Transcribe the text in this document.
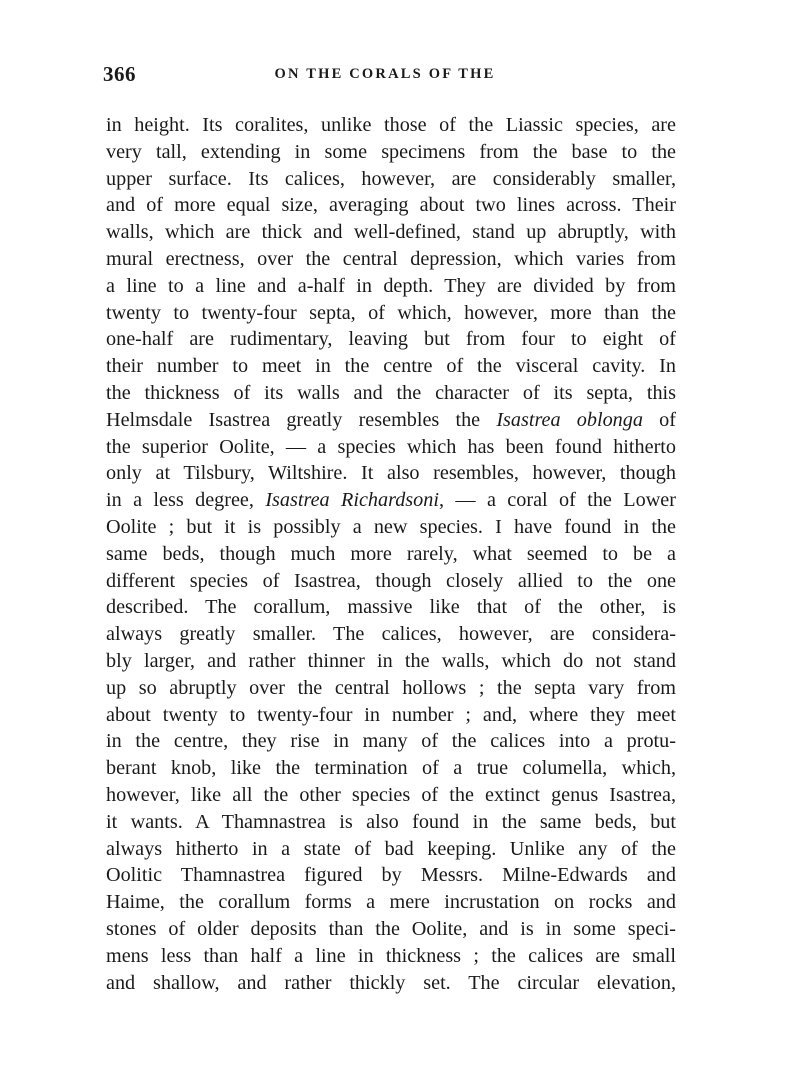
366	ON THE CORALS OF THE
in height. Its coralites, unlike those of the Liassic species, are
very tall, extending in some specimens from the base to the
upper surface. Its calices, however, are considerably smaller,
and of more equal size, averaging about two lines across. Their
walls, which are thick and well-defined, stand up abruptly, with
mural erectness, over the central depression, which varies from
a line to a line and a-half in depth. They are divided by from
twenty to twenty-four septa, of which, however, more than the
one-half are rudimentary, leaving but from four to eight of
their number to meet in the centre of the visceral cavity. In
the thickness of its walls and the character of its septa, this
Helmsdale Isastrea greatly resembles the Isastrea oblonga of
the superior Oolite, — a species which has been found hitherto
only at Tilsbury, Wiltshire. It also resembles, however, though
in a less degree, Isastrea Richardsoni, — a coral of the Lower
Oolite ; but it is possibly a new species. I have found in the
same beds, though much more rarely, what seemed to be a
different species of Isastrea, though closely allied to the one
described. The corallum, massive like that of the other, is
always greatly smaller. The calices, however, are considera-
bly larger, and rather thinner in the walls, which do not stand
up so abruptly over the central hollows ; the septa vary from
about twenty to twenty-four in number ; and, where they meet
in the centre, they rise in many of the calices into a protu-
berant knob, like the termination of a true columella, which,
however, like all the other species of the extinct genus Isastrea,
it wants. A Thamnastrea is also found in the same beds, but
always hitherto in a state of bad keeping. Unlike any of the
Oolitic Thamnastrea figured by Messrs. Milne-Edwards and
Haime, the corallum forms a mere incrustation on rocks and
stones of older deposits than the Oolite, and is in some speci-
mens less than half a line in thickness ; the calices are small
and shallow, and rather thickly set. The circular elevation,
